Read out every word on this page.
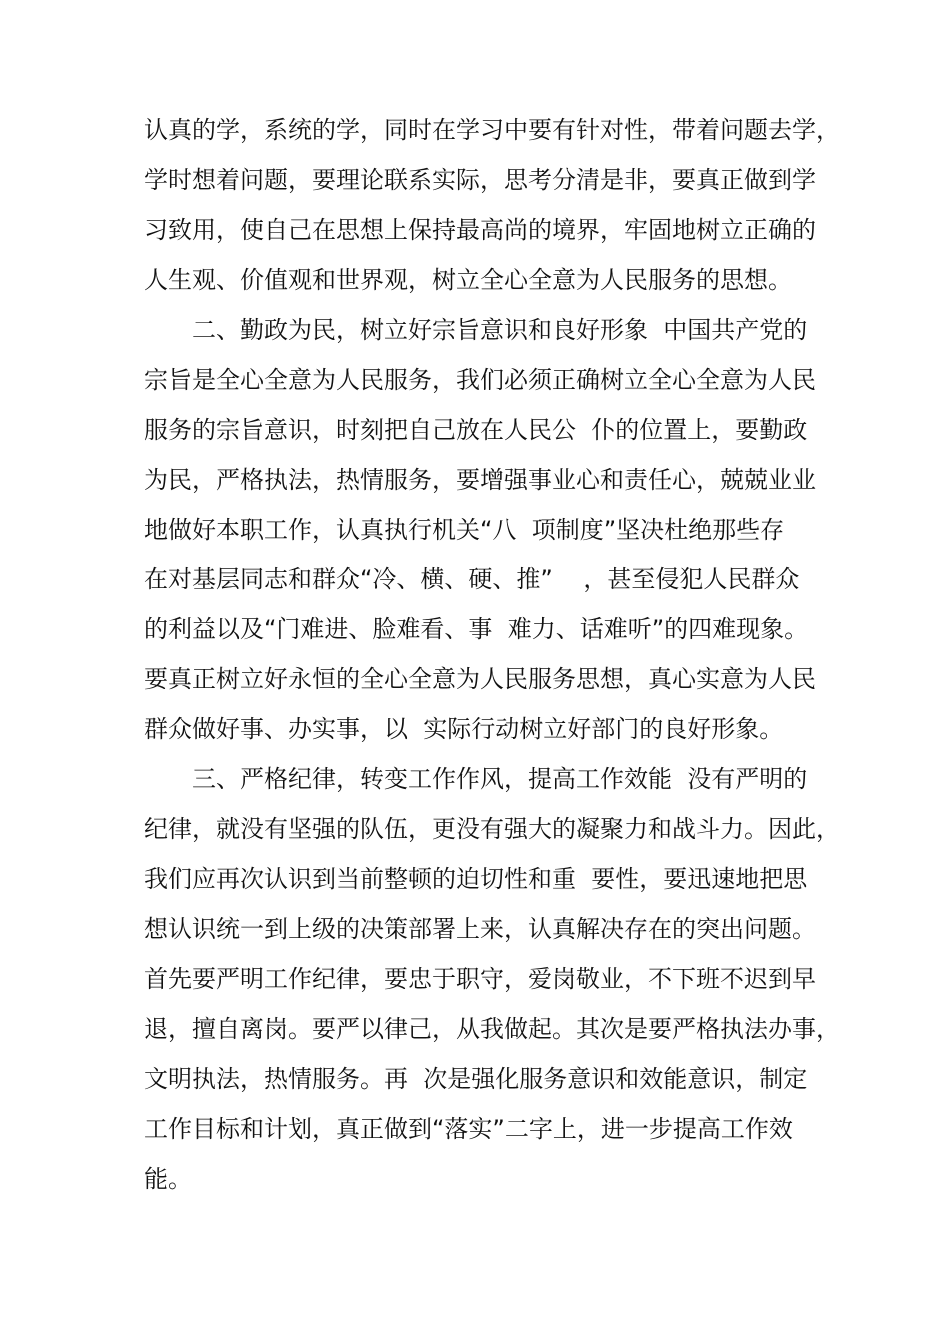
认真的学，系统的学，同时在学习中要有针对性，带着问题去学，
学时想着问题，要理论联系实际，思考分清是非，要真正做到学
习致用，使自己在思想上保持最高尚的境界，牢固地树立正确的
人生观、价值观和世界观，树立全心全意为人民服务的思想。
　　二、勤政为民，树立好宗旨意识和良好形象  中国共产党的
宗旨是全心全意为人民服务，我们必须正确树立全心全意为人民
服务的宗旨意识，时刻把自己放在人民公  仆的位置上，要勤政
为民，严格执法，热情服务，要增强事业心和责任心，兢兢业业
地做好本职工作，认真执行机关“八  项制度”坚决杜绝那些存
在对基层同志和群众“冷、横、硬、推”    ，甚至侵犯人民群众
的利益以及“门难进、脸难看、事  难力、话难听”的四难现象。
要真正树立好永恒的全心全意为人民服务思想，真心实意为人民
群众做好事、办实事，以  实际行动树立好部门的良好形象。
　　三、严格纪律，转变工作作风，提高工作效能  没有严明的
纪律，就没有坚强的队伍，更没有强大的凝聚力和战斗力。因此，
我们应再次认识到当前整顿的迫切性和重  要性，要迅速地把思
想认识统一到上级的决策部署上来，认真解决存在的突出问题。
首先要严明工作纪律，要忠于职守，爱岗敬业，不下班不迟到早
退，擅自离岗。要严以律己，从我做起。其次是要严格执法办事，
文明执法，热情服务。再  次是强化服务意识和效能意识，制定
工作目标和计划，真正做到“落实”二字上，进一步提高工作效
能。
